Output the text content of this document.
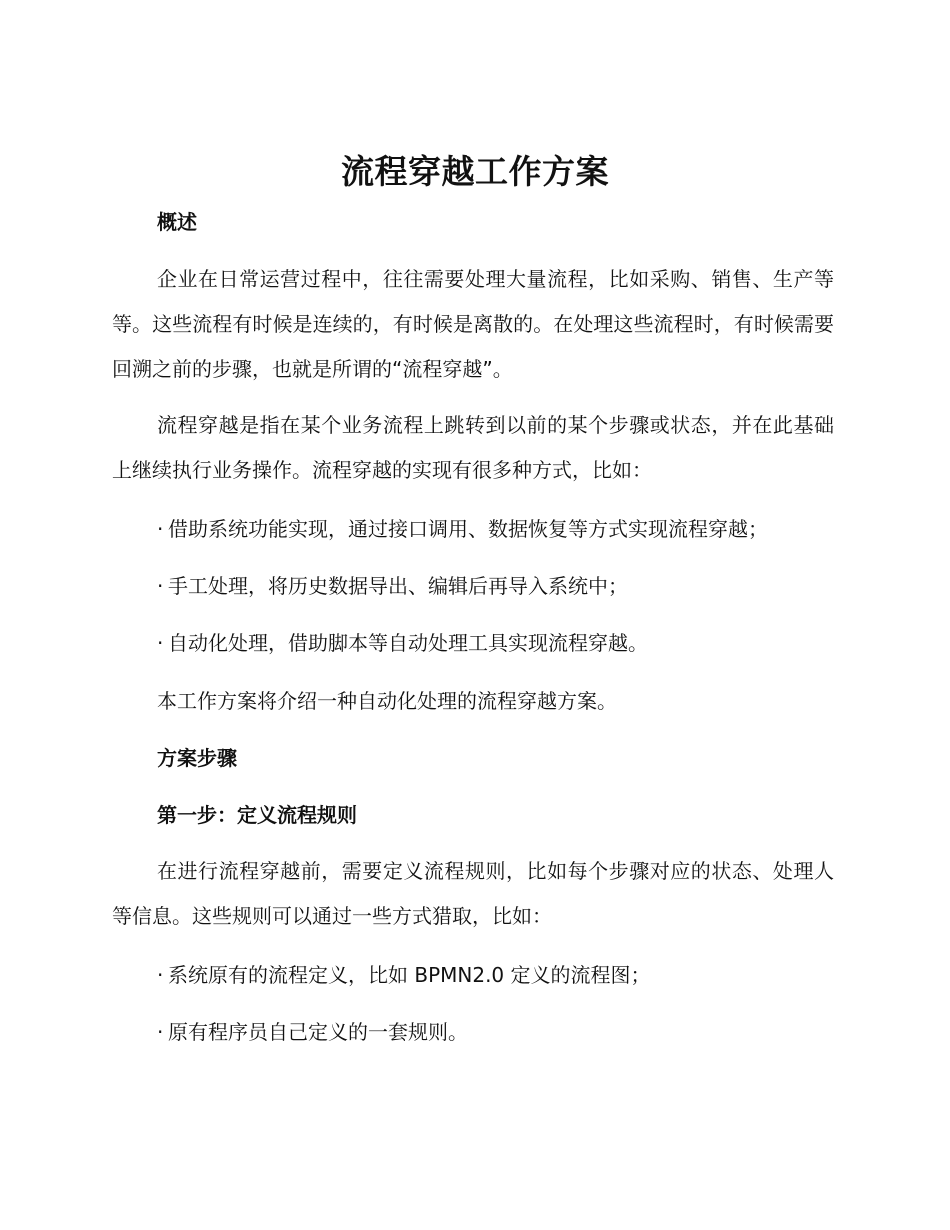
流程穿越工作方案
概述

企业在日常运营过程中，往往需要处理大量流程，比如采购、销售、生产等等。这些流程有时候是连续的，有时候是离散的。在处理这些流程时，有时候需要回溯之前的步骤，也就是所谓的“流程穿越”。

流程穿越是指在某个业务流程上跳转到以前的某个步骤或状态，并在此基础上继续执行业务操作。流程穿越的实现有很多种方式，比如：

· 借助系统功能实现，通过接口调用、数据恢复等方式实现流程穿越；

· 手工处理，将历史数据导出、编辑后再导入系统中；

· 自动化处理，借助脚本等自动处理工具实现流程穿越。

本工作方案将介绍一种自动化处理的流程穿越方案。

方案步骤
第一步：定义流程规则

在进行流程穿越前，需要定义流程规则，比如每个步骤对应的状态、处理人等信息。这些规则可以通过一些方式猎取，比如：

· 系统原有的流程定义，比如 BPMN2.0 定义的流程图；

· 原有程序员自己定义的一套规则。
